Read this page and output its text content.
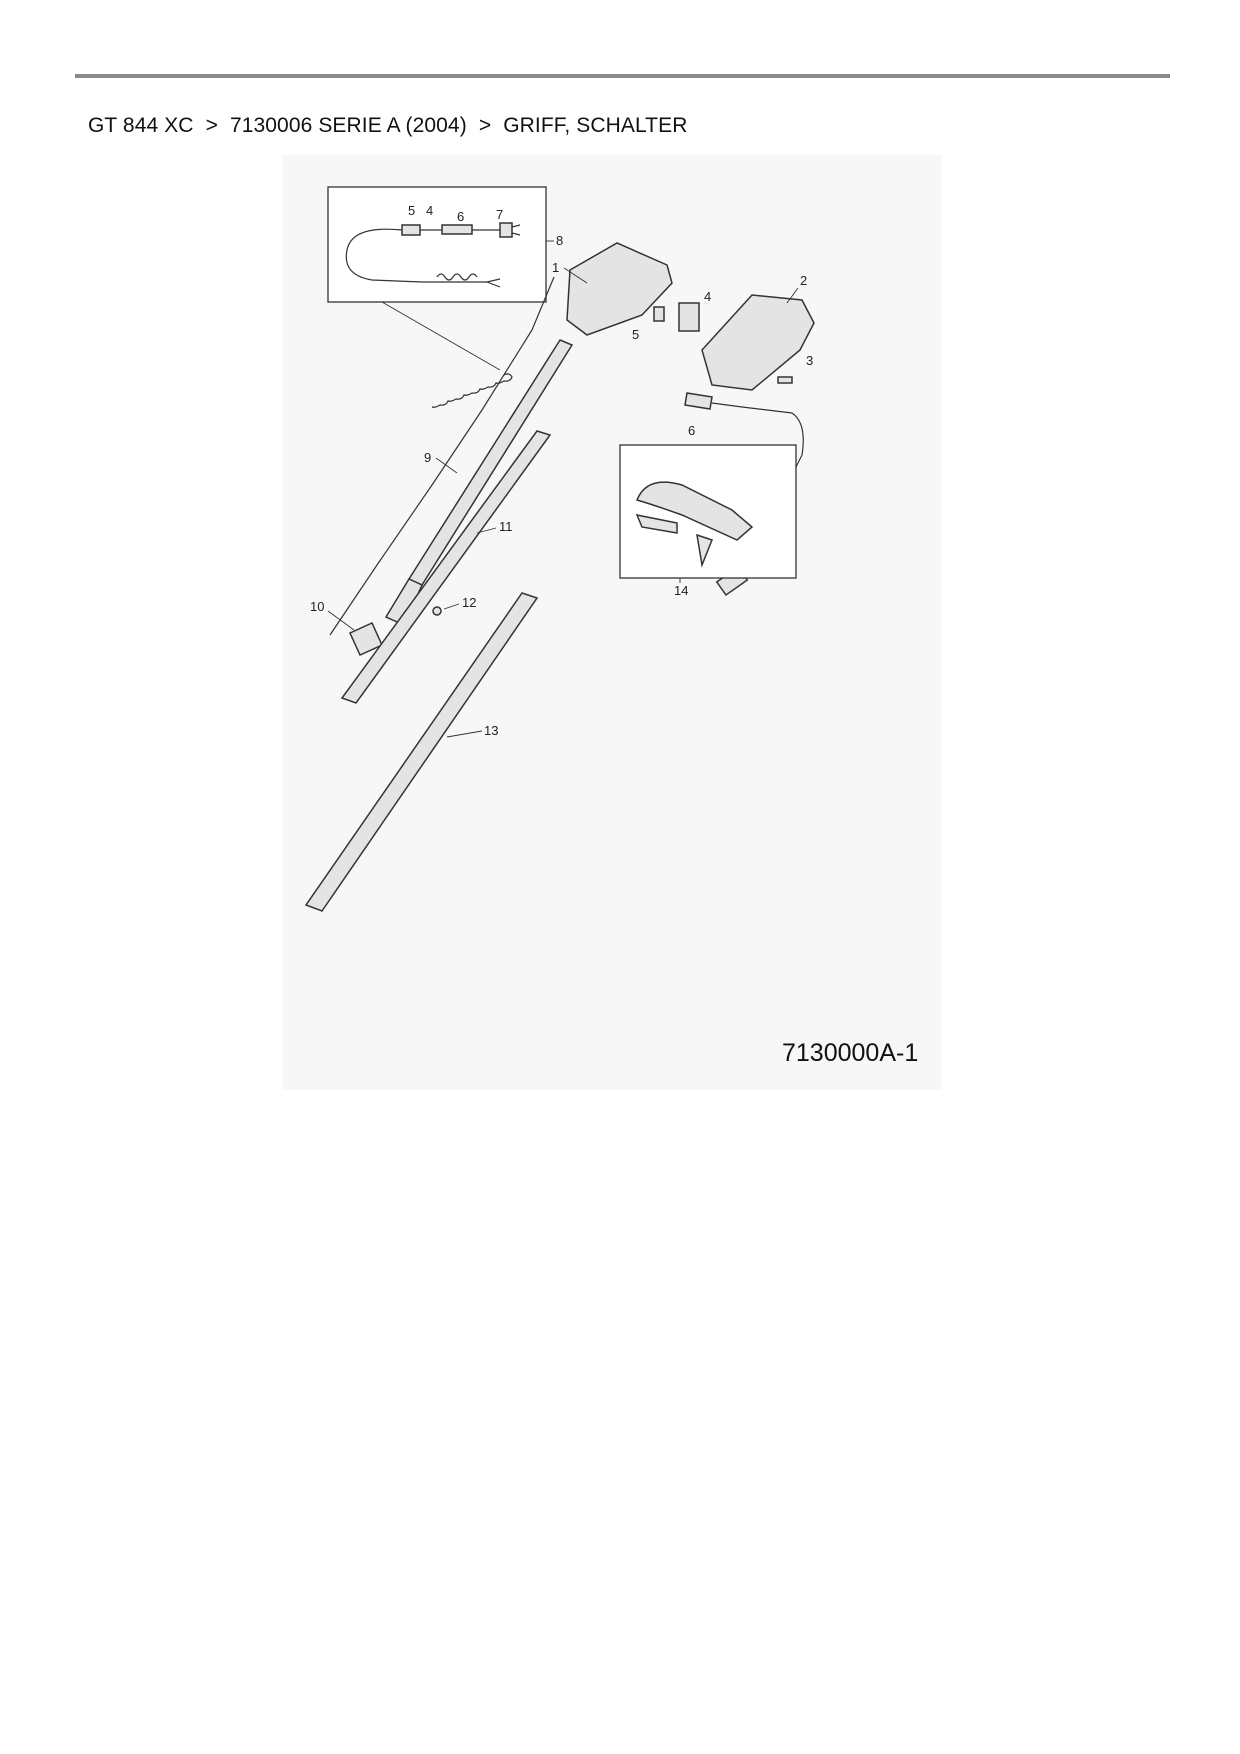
GT 844 XC > 7130006 SERIE A (2004) > GRIFF, SCHALTER
5 4 6 7
8
9
10
11
12
13
1
4
5
2
3
6
14
7130000A-1
